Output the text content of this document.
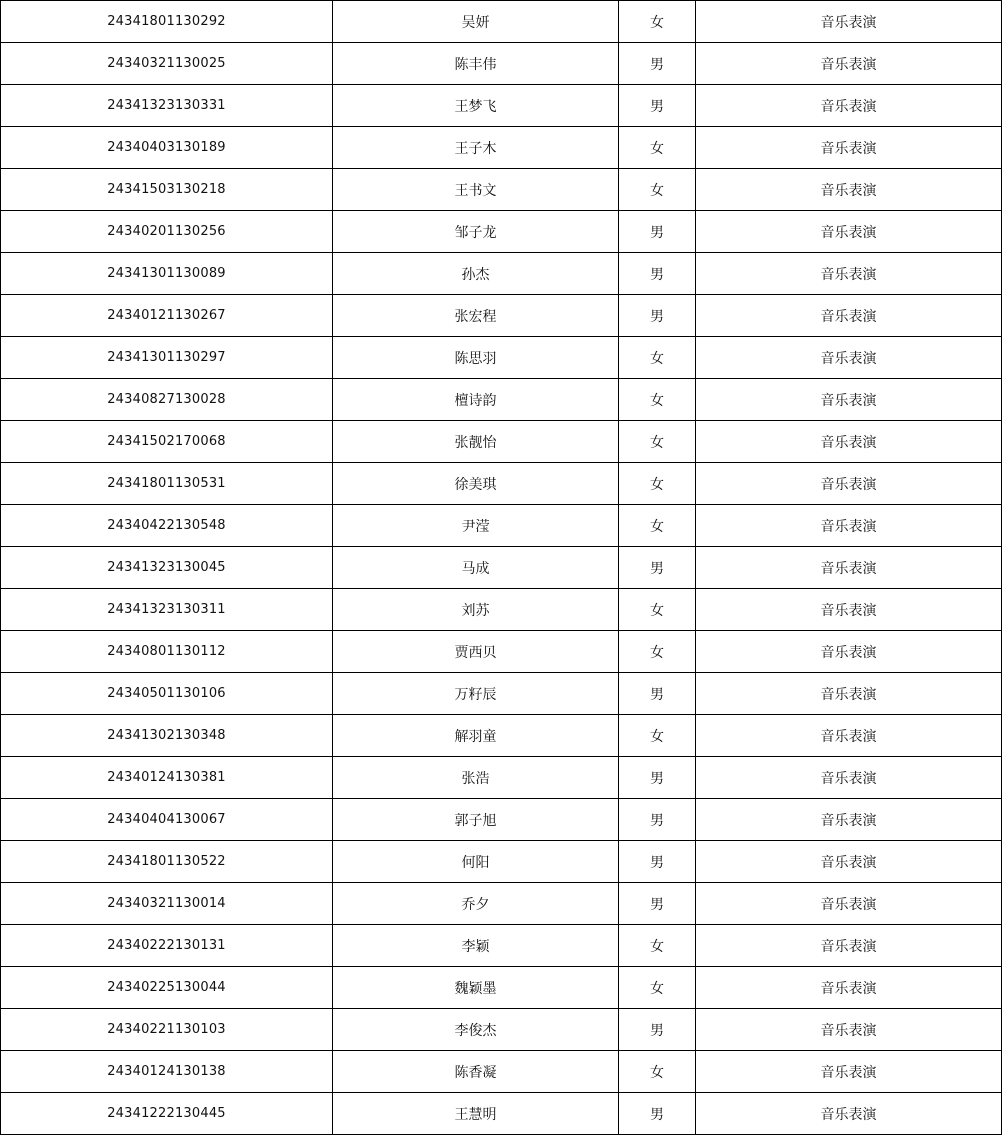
24341801130292	吴妍	女	音乐表演
24340321130025	陈丰伟	男	音乐表演
24341323130331	王梦飞	男	音乐表演
24340403130189	王子木	女	音乐表演
24341503130218	王书文	女	音乐表演
24340201130256	邹子龙	男	音乐表演
24341301130089	孙杰	男	音乐表演
24340121130267	张宏程	男	音乐表演
24341301130297	陈思羽	女	音乐表演
24340827130028	檀诗韵	女	音乐表演
24341502170068	张靓怡	女	音乐表演
24341801130531	徐美琪	女	音乐表演
24340422130548	尹滢	女	音乐表演
24341323130045	马成	男	音乐表演
24341323130311	刘苏	女	音乐表演
24340801130112	贾西贝	女	音乐表演
24340501130106	万籽辰	男	音乐表演
24341302130348	解羽童	女	音乐表演
24340124130381	张浩	男	音乐表演
24340404130067	郭子旭	男	音乐表演
24341801130522	何阳	男	音乐表演
24340321130014	乔夕	男	音乐表演
24340222130131	李颖	女	音乐表演
24340225130044	魏颖墨	女	音乐表演
24340221130103	李俊杰	男	音乐表演
24340124130138	陈香凝	女	音乐表演
24341222130445	王慧明	男	音乐表演
